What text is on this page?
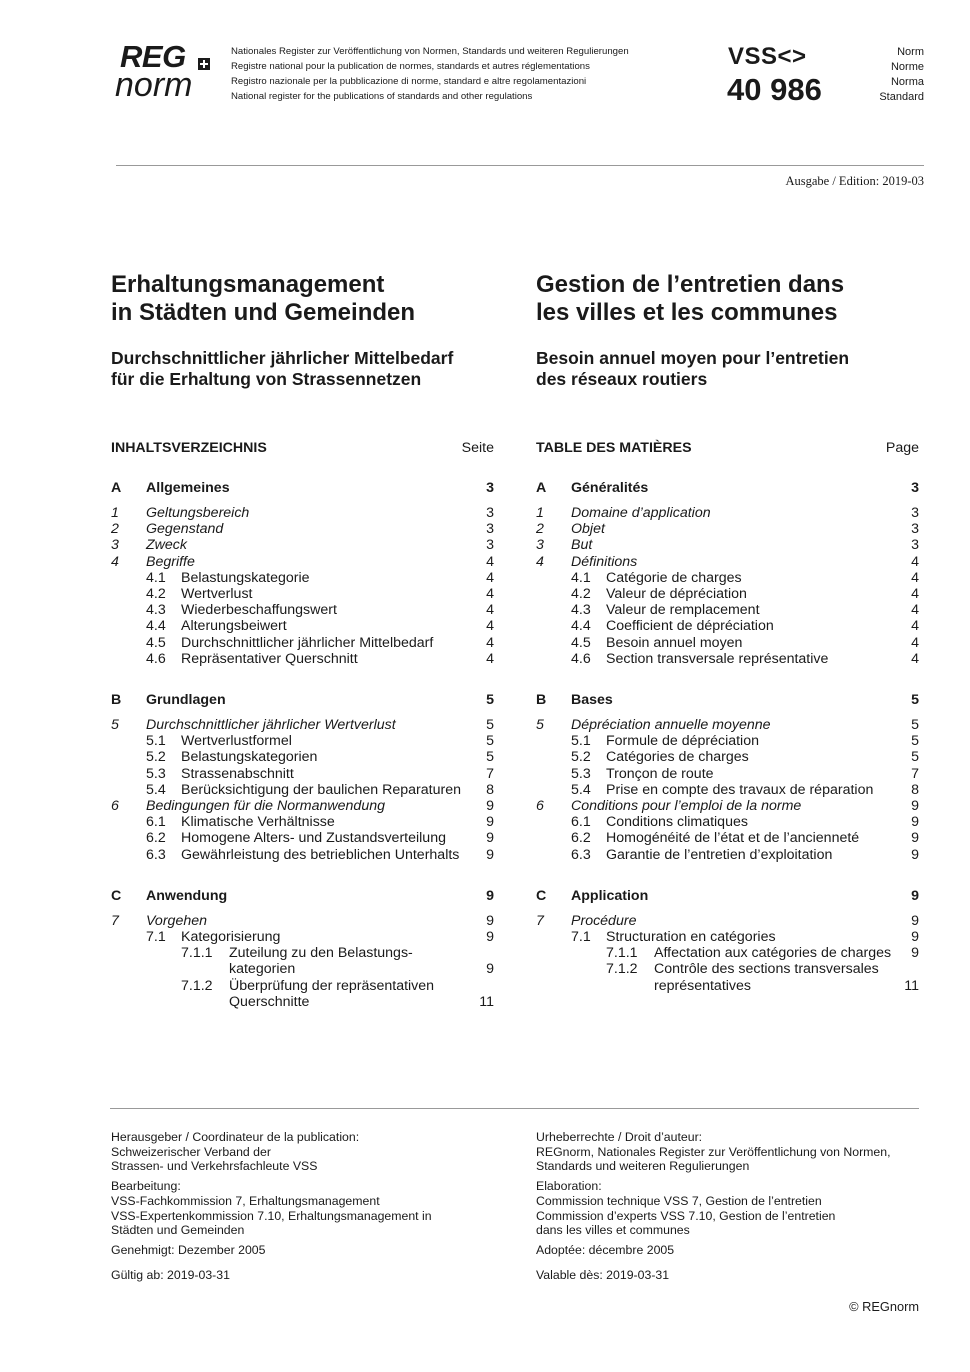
REG
norm
Nationales Register zur Veröffentlichung von Normen, Standards und weiteren Regulierungen
Registre national pour la publication de normes, standards et autres réglementations
Registro nazionale per la pubblicazione di norme, standard e altre regolamentazioni
National register for the publications of standards and other regulations
VSS<>
40 986
Norm
Norme
Norma
Standard
Ausgabe / Edition: 2019-03
Erhaltungsmanagement
in Städten und Gemeinden
Gestion de l’entretien dans
les villes et les communes
Durchschnittlicher jährlicher Mittelbedarf
für die Erhaltung von Strassennetzen
Besoin annuel moyen pour l’entretien
des réseaux routiers
INHALTSVERZEICHNIS	Seite
A Allgemeines	3
1 Geltungsbereich	3
2 Gegenstand	3
3 Zweck	3
4 Begriffe	4
4.1 Belastungskategorie	4
4.2 Wertverlust	4
4.3 Wiederbeschaffungswert	4
4.4 Alterungsbeiwert	4
4.5 Durchschnittlicher jährlicher Mittelbedarf	4
4.6 Repräsentativer Querschnitt	4
B Grundlagen	5
5 Durchschnittlicher jährlicher Wertverlust	5
5.1 Wertverlustformel	5
5.2 Belastungskategorien	5
5.3 Strassenabschnitt	7
5.4 Berücksichtigung der baulichen Reparaturen	8
6 Bedingungen für die Normanwendung	9
6.1 Klimatische Verhältnisse	9
6.2 Homogene Alters- und Zustandsverteilung	9
6.3 Gewährleistung des betrieblichen Unterhalts	9
C Anwendung	9
7 Vorgehen	9
7.1 Kategorisierung	9
7.1.1 Zuteilung zu den Belastungs-kategorien	9
7.1.2 Überprüfung der repräsentativen Querschnitte	11
TABLE DES MATIÈRES	Page
A Généralités	3
1 Domaine d’application	3
2 Objet	3
3 But	3
4 Définitions	4
4.1 Catégorie de charges	4
4.2 Valeur de dépréciation	4
4.3 Valeur de remplacement	4
4.4 Coefficient de dépréciation	4
4.5 Besoin annuel moyen	4
4.6 Section transversale représentative	4
B Bases	5
5 Dépréciation annuelle moyenne	5
5.1 Formule de dépréciation	5
5.2 Catégories de charges	5
5.3 Tronçon de route	7
5.4 Prise en compte des travaux de réparation	8
6 Conditions pour l’emploi de la norme	9
6.1 Conditions climatiques	9
6.2 Homogénéité de l’état et de l’ancienneté	9
6.3 Garantie de l’entretien d’exploitation	9
C Application	9
7 Procédure	9
7.1 Structuration en catégories	9
7.1.1 Affectation aux catégories de charges	9
7.1.2 Contrôle des sections transversales représentatives	11
Herausgeber / Coordinateur de la publication:
Schweizerischer Verband der
Strassen- und Verkehrsfachleute VSS
Bearbeitung:
VSS-Fachkommission 7, Erhaltungsmanagement
VSS-Expertenkommission 7.10, Erhaltungsmanagement in
Städten und Gemeinden
Genehmigt: Dezember 2005
Gültig ab: 2019-03-31
Urheberrechte / Droit d’auteur:
REGnorm, Nationales Register zur Veröffentlichung von Normen,
Standards und weiteren Regulierungen
Elaboration:
Commission technique VSS 7, Gestion de l’entretien
Commission d’experts VSS 7.10, Gestion de l’entretien
dans les villes et communes
Adoptée: décembre 2005
Valable dès: 2019-03-31
© REGnorm
